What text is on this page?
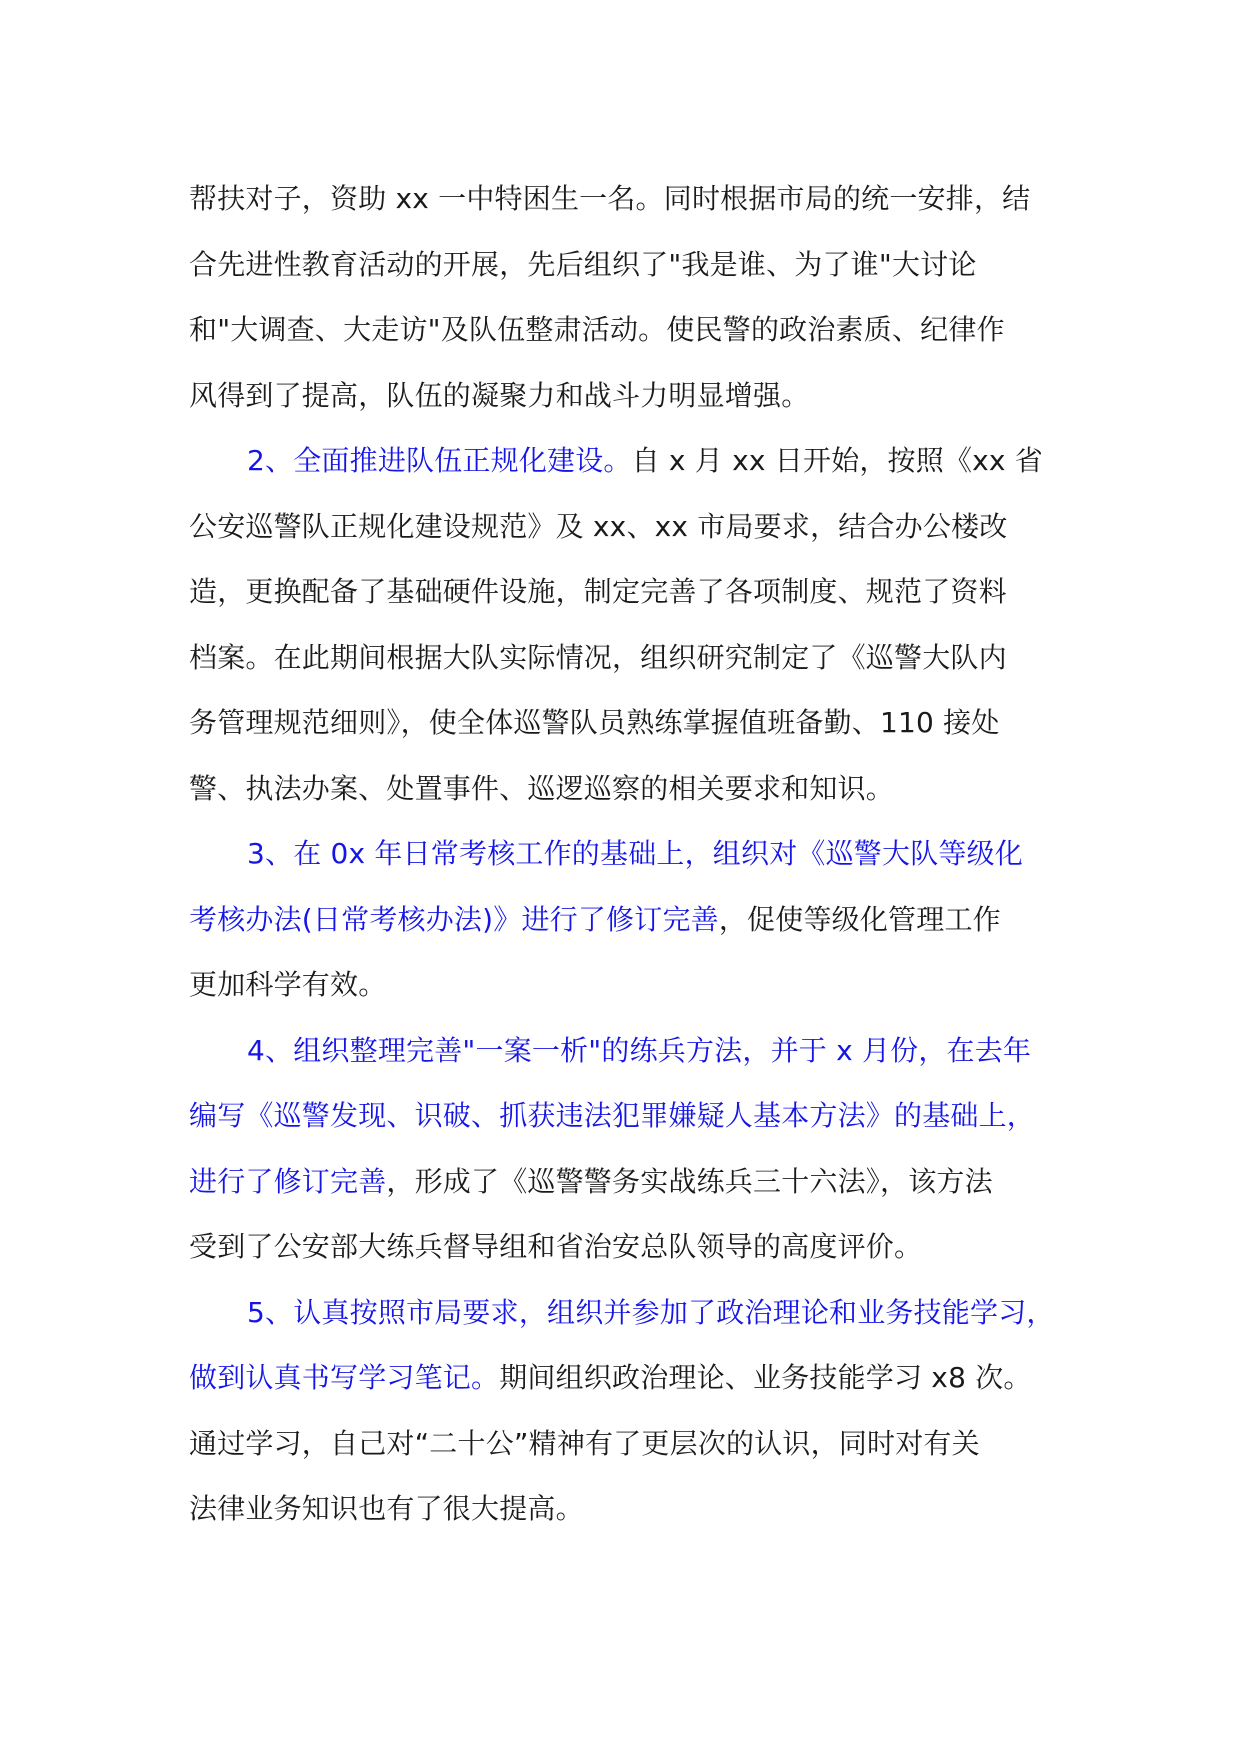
帮扶对子，资助 xx 一中特困生一名。同时根据市局的统一安排，结
合先进性教育活动的开展，先后组织了"我是谁、为了谁"大讨论
和"大调查、大走访"及队伍整肃活动。使民警的政治素质、纪律作
风得到了提高，队伍的凝聚力和战斗力明显增强。

2、全面推进队伍正规化建设。自 x 月 xx 日开始，按照《xx 省
公安巡警队正规化建设规范》及 xx、xx 市局要求，结合办公楼改
造，更换配备了基础硬件设施，制定完善了各项制度、规范了资料
档案。在此期间根据大队实际情况，组织研究制定了《巡警大队内
务管理规范细则》，使全体巡警队员熟练掌握值班备勤、110 接处
警、执法办案、处置事件、巡逻巡察的相关要求和知识。

3、在 0x 年日常考核工作的基础上，组织对《巡警大队等级化
考核办法(日常考核办法)》进行了修订完善，促使等级化管理工作
更加科学有效。

4、组织整理完善"一案一析"的练兵方法，并于 x 月份，在去年
编写《巡警发现、识破、抓获违法犯罪嫌疑人基本方法》的基础上，
进行了修订完善，形成了《巡警警务实战练兵三十六法》，该方法
受到了公安部大练兵督导组和省治安总队领导的高度评价。

5、认真按照市局要求，组织并参加了政治理论和业务技能学习，
做到认真书写学习笔记。期间组织政治理论、业务技能学习 x8 次。
通过学习，自己对“二十公”精神有了更层次的认识，同时对有关
法律业务知识也有了很大提高。
